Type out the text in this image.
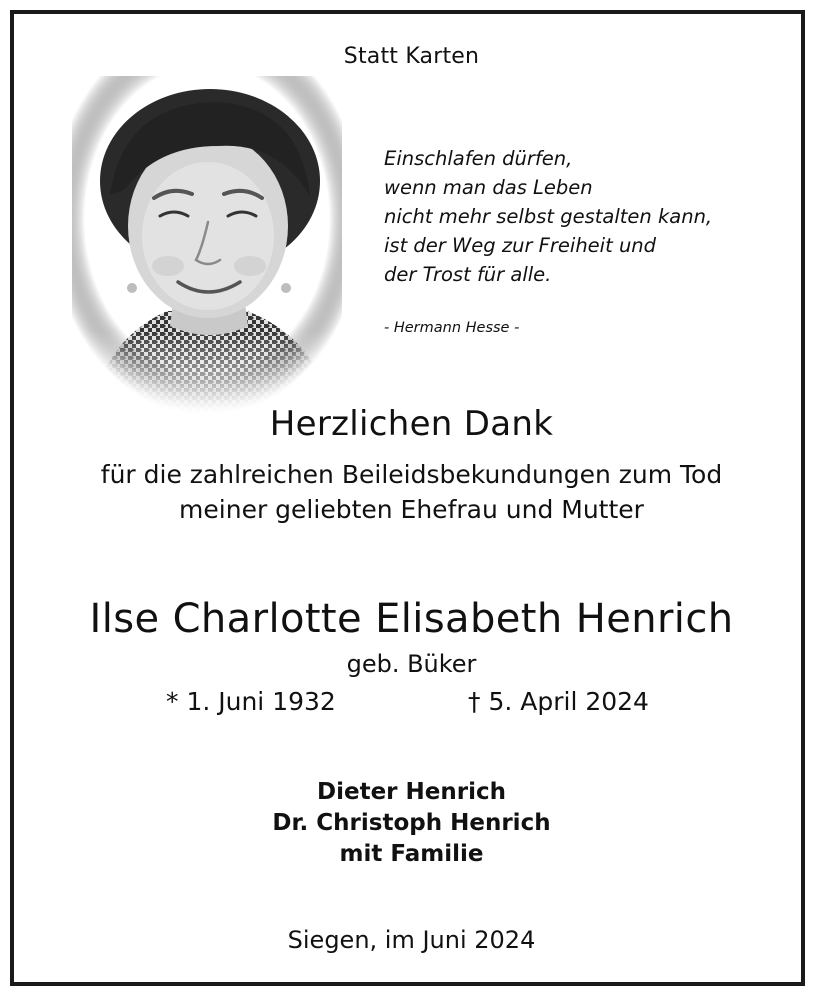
Statt Karten
Einschlafen dürfen,
wenn man das Leben
nicht mehr selbst gestalten kann,
ist der Weg zur Freiheit und
der Trost für alle.
- Hermann Hesse -
Herzlichen Dank
für die zahlreichen Beileidsbekundungen zum Tod
meiner geliebten Ehefrau und Mutter
Ilse Charlotte Elisabeth Henrich
geb. Büker
* 1. Juni 1932	† 5. April 2024
Dieter Henrich
Dr. Christoph Henrich
mit Familie
Siegen, im Juni 2024
